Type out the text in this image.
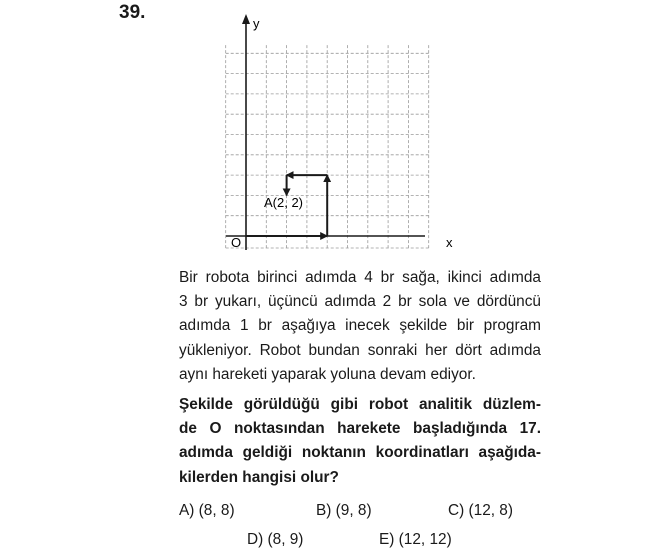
39.
y
x
O
A(2, 2)
Bir robota birinci adımda 4 br sağa, ikinci adımda
3 br yukarı, üçüncü adımda 2 br sola ve dördüncü
adımda 1 br aşağıya inecek şekilde bir program
yükleniyor. Robot bundan sonraki her dört adımda
aynı hareketi yaparak yoluna devam ediyor.
Şekilde görüldüğü gibi robot analitik düzlem-
de O noktasından harekete başladığında 17.
adımda geldiği noktanın koordinatları aşağıda-
kilerden hangisi olur?
A) (8, 8)	B) (9, 8)	C) (12, 8)
D) (8, 9)	E) (12, 12)
